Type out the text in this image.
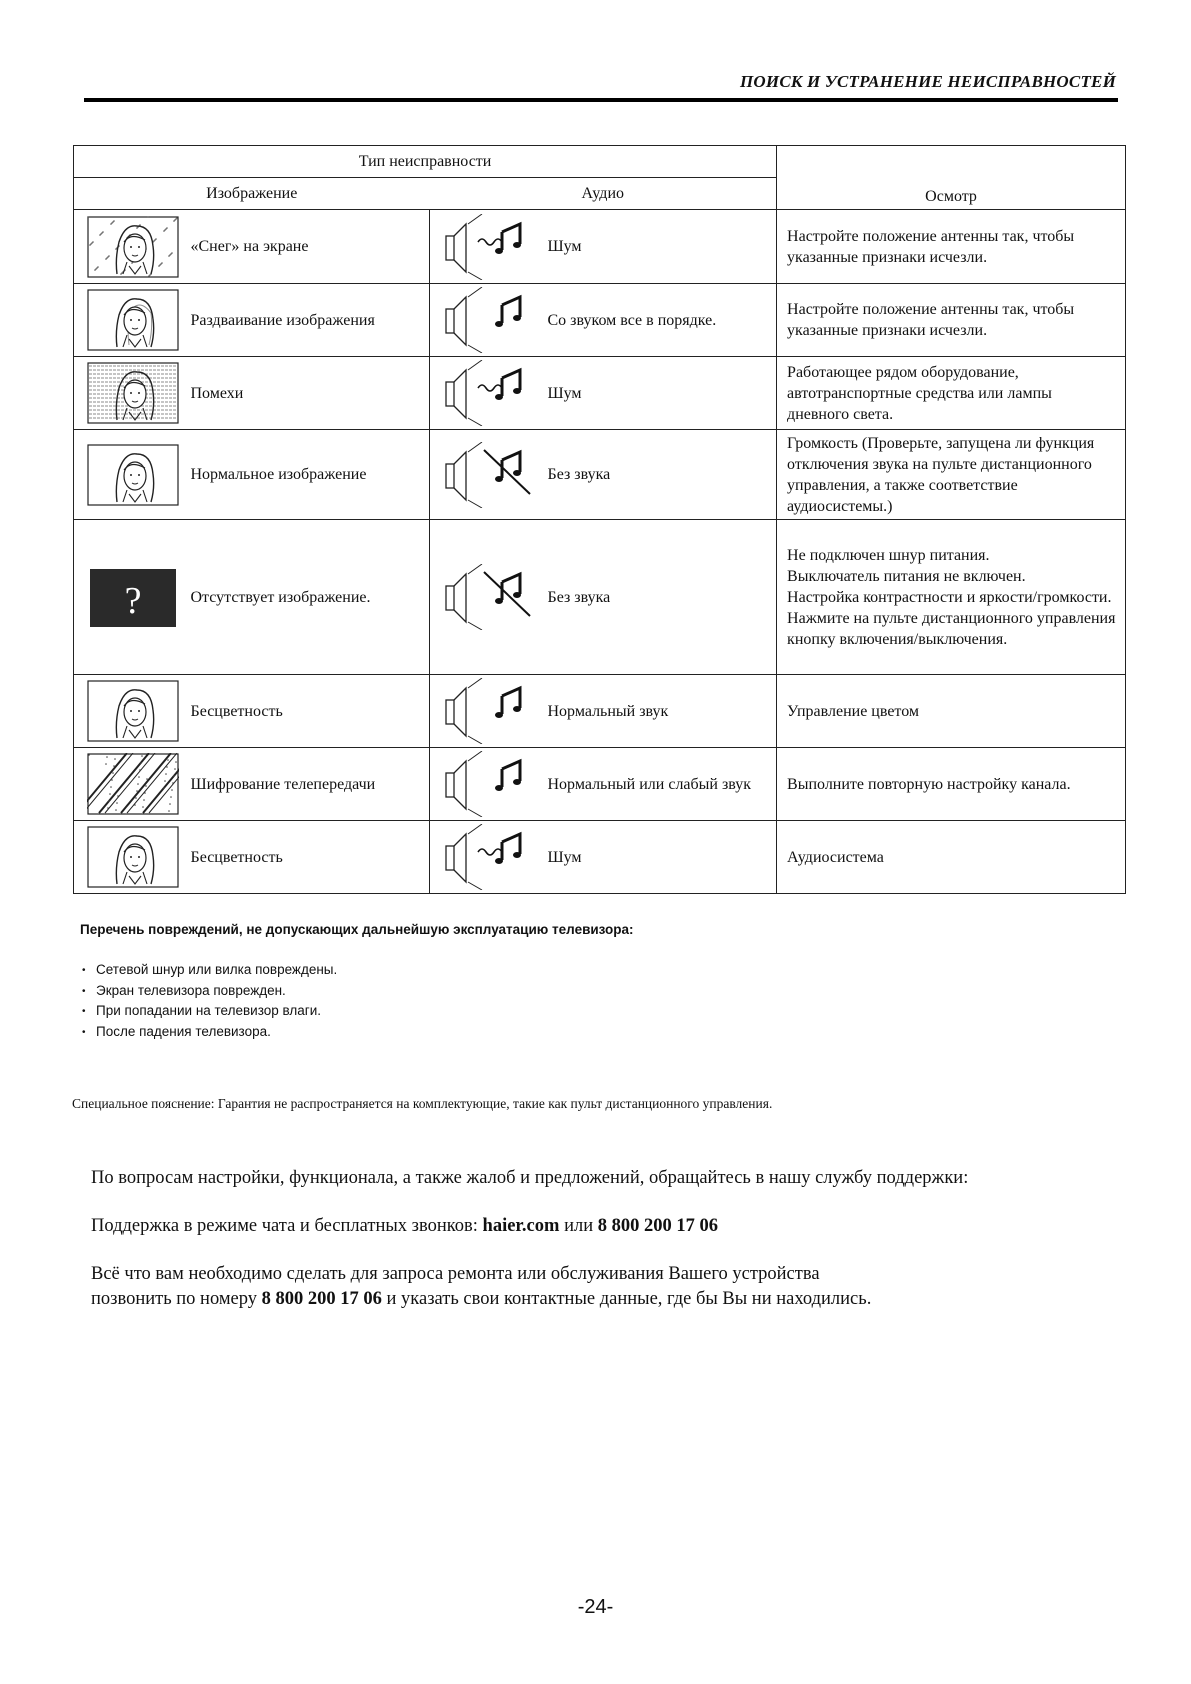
ПОИСК И УСТРАНЕНИЕ НЕИСПРАВНОСТЕЙ
Тип неисправности				Осмотр
Изображение		Аудио		

	«Снег» на экране		Шум	Настройте положение антенны так, чтобы указанные признаки исчезли.

	Раздваивание изображения		Со звуком все в порядке.	Настройте положение антенны так, чтобы указанные признаки исчезли.

	Помехи		Шум	Работающее рядом оборудование, автотранспортные средства или лампы дневного света.

	Нормальное изображение		Без звука	Громкость (Проверьте, запущена ли функция отключения звука на пульте дистанционного управления, а также соответствие аудиосистемы.)

?	Отсутствует изображение.		Без звука	Не подключен шнур питания.
Выключатель питания не включен.
Настройка контрастности и яркости/громкости.
Нажмите на пульте дистанционного управления кнопку включения/выключения.

	Бесцветность		Нормальный звук	Управление цветом

	Шифрование телепередачи		Нормальный или слабый звук	Выполните повторную настройку канала.

	Бесцветность		Шум	Аудиосистема
Перечень повреждений, не допускающих дальнейшую эксплуатацию телевизора:
• Сетевой шнур или вилка повреждены.
• Экран телевизора поврежден.
• При попадании на телевизор влаги.
• После падения телевизора.
Специальное пояснение: Гарантия не распространяется на комплектующие, такие как пульт дистанционного управления.
По вопросам настройки, функционала, а также жалоб и предложений, обращайтесь в нашу службу поддержки:
Поддержка в режиме чата и бесплатных звонков: haier.com или 8 800 200 17 06
Всё что вам необходимо сделать для запроса ремонта или обслуживания Вашего устройства
позвонить по номеру 8 800 200 17 06 и указать свои контактные данные, где бы Вы ни находились.
-24-
